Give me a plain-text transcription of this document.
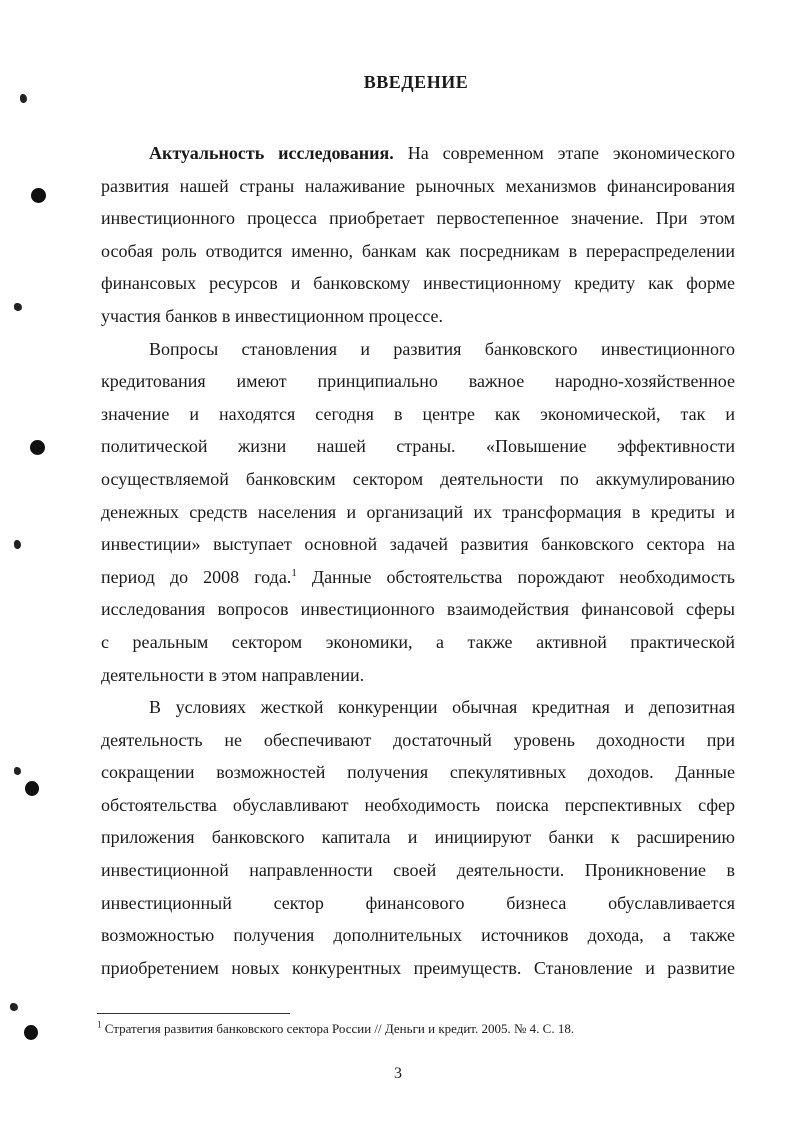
ВВЕДЕНИЕ
Актуальность исследования. На современном этапе экономического
развития нашей страны налаживание рыночных механизмов финансирования
инвестиционного процесса приобретает первостепенное значение. При этом
особая роль отводится именно, банкам как посредникам в перераспределении
финансовых ресурсов и банковскому инвестиционному кредиту как форме
участия банков в инвестиционном процессе.
Вопросы становления и развития банковского инвестиционного
кредитования имеют принципиально важное народно-хозяйственное
значение и находятся сегодня в центре как экономической, так и
политической жизни нашей страны. «Повышение эффективности
осуществляемой банковским сектором деятельности по аккумулированию
денежных средств населения и организаций их трансформация в кредиты и
инвестиции» выступает основной задачей развития банковского сектора на
период до 2008 года.$^1$ Данные обстоятельства порождают необходимость
исследования вопросов инвестиционного взаимодействия финансовой сферы
с реальным сектором экономики, а также активной практической
деятельности в этом направлении.
В условиях жесткой конкуренции обычная кредитная и депозитная
деятельность не обеспечивают достаточный уровень доходности при
сокращении возможностей получения спекулятивных доходов. Данные
обстоятельства обуславливают необходимость поиска перспективных сфер
приложения банковского капитала и инициируют банки к расширению
инвестиционной направленности своей деятельности. Проникновение в
инвестиционный сектор финансового бизнеса обуславливается
возможностью получения дополнительных источников дохода, а также
приобретением новых конкурентных преимуществ. Становление и развитие
$^1$ Стратегия развития банковского сектора России // Деньги и кредит. 2005. № 4. С. 18.
3
